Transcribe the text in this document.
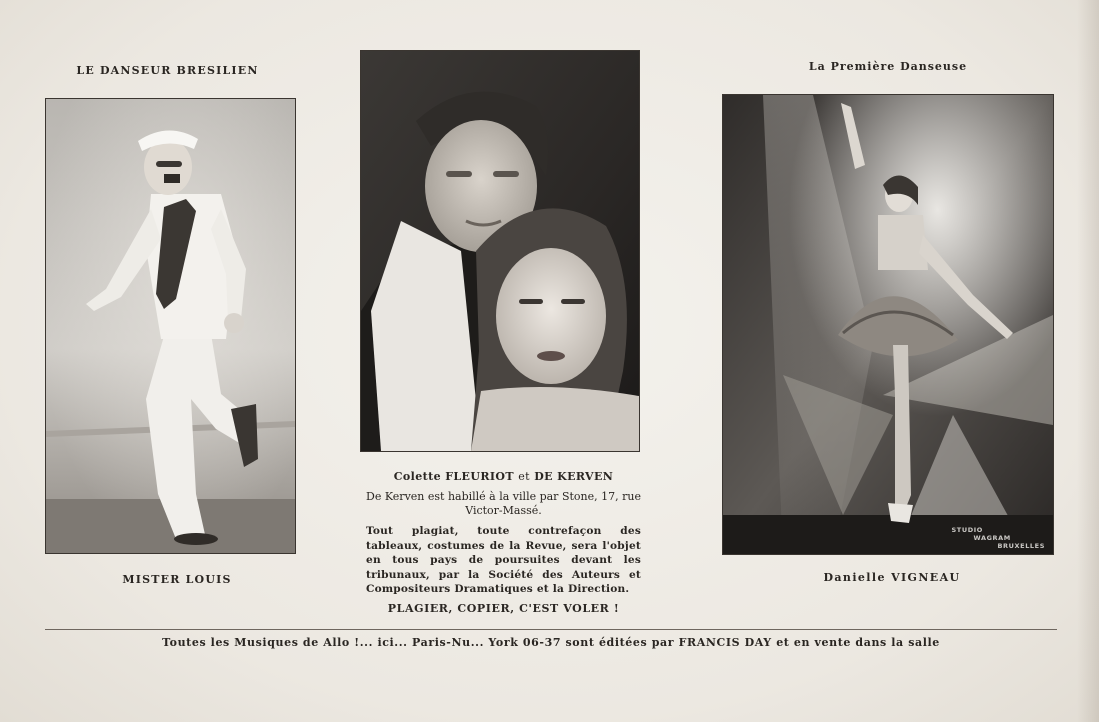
LE DANSEUR BRESILIEN
MISTER LOUIS
Colette FLEURIOT et DE KERVEN
De Kerven est habillé à la ville par Stone, 17, rue Victor-Massé.
Tout plagiat, toute contrefaçon des tableaux, costumes de la Revue, sera l'objet en tous pays de poursuites devant les tribunaux, par la Société des Auteurs et Compositeurs Dramatiques et la Direction.
PLAGIER, COPIER, C'EST VOLER !
La Première Danseuse
STUDIO
WAGRAM
BRUXELLES
Danielle VIGNEAU
Toutes les Musiques de Allo !... ici... Paris-Nu... York 06-37 sont éditées par FRANCIS DAY et en vente dans la salle
